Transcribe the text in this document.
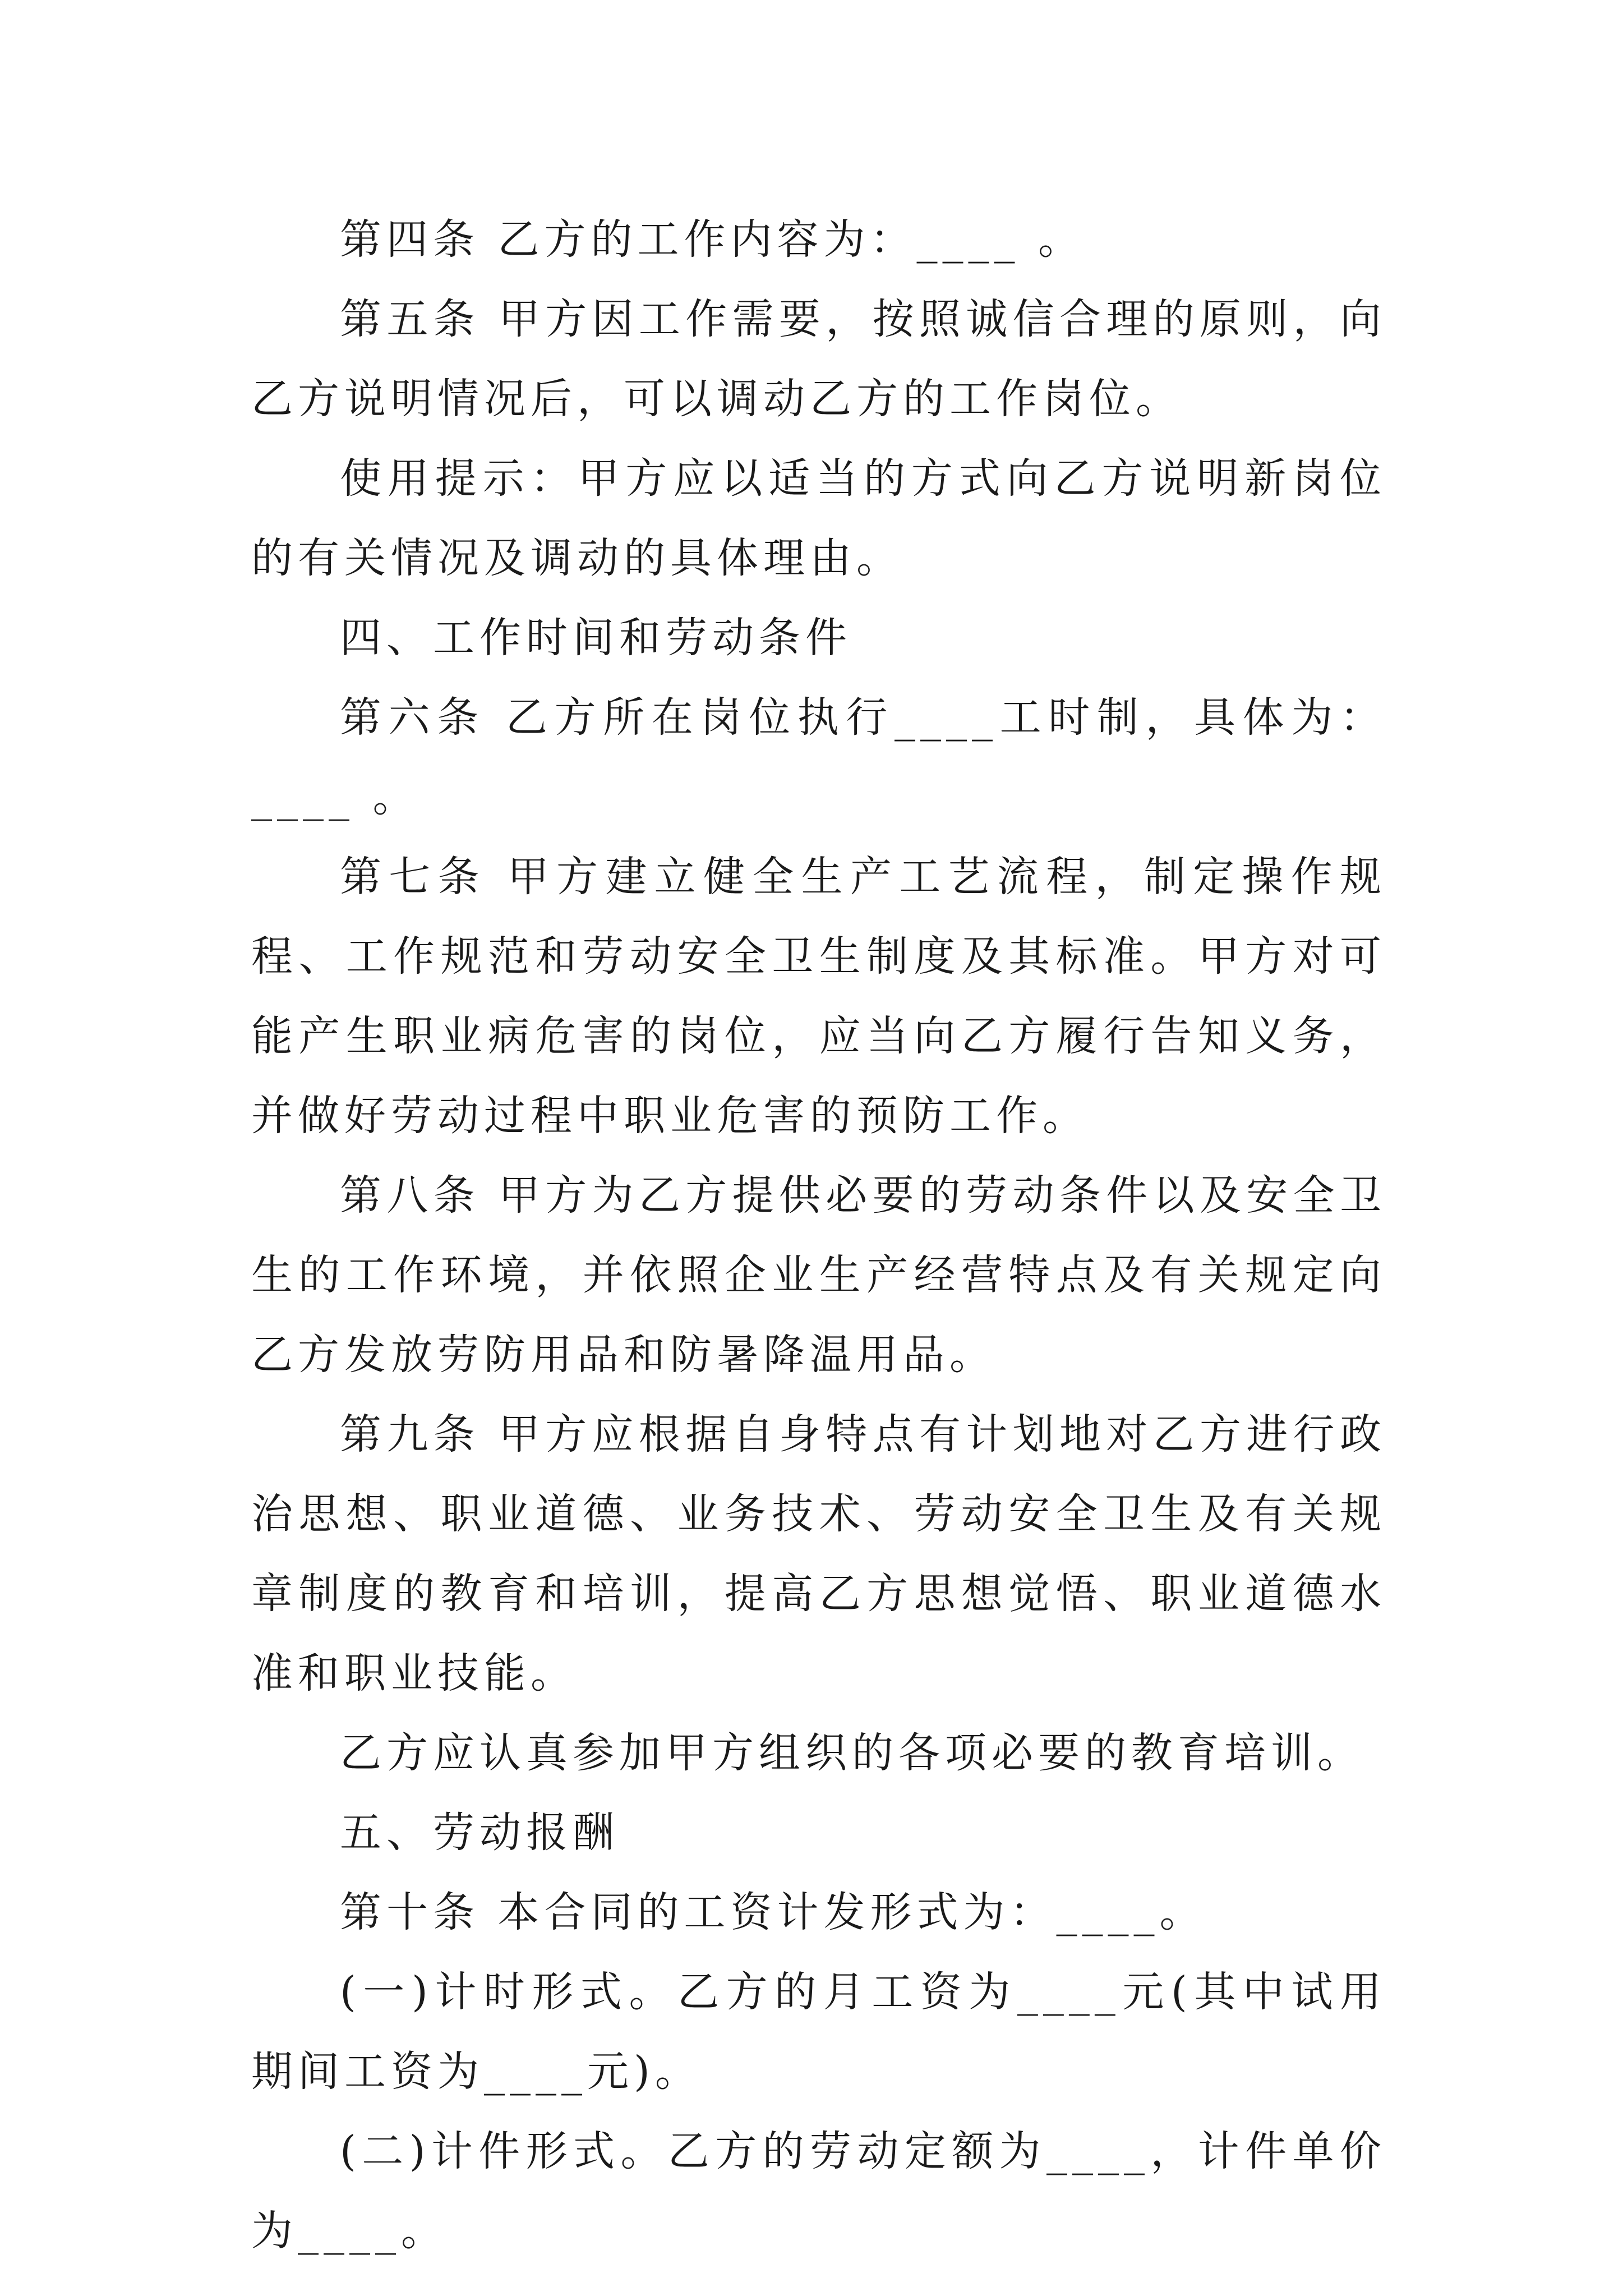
第四条 乙方的工作内容为：____ 。

第五条 甲方因工作需要，按照诚信合理的原则，向乙方说明情况后，可以调动乙方的工作岗位。

使用提示：甲方应以适当的方式向乙方说明新岗位的有关情况及调动的具体理由。

四、工作时间和劳动条件

第六条 乙方所在岗位执行____工时制，具体为：____ 。

第七条 甲方建立健全生产工艺流程，制定操作规程、工作规范和劳动安全卫生制度及其标准。甲方对可能产生职业病危害的岗位，应当向乙方履行告知义务，并做好劳动过程中职业危害的预防工作。

第八条 甲方为乙方提供必要的劳动条件以及安全卫生的工作环境，并依照企业生产经营特点及有关规定向乙方发放劳防用品和防暑降温用品。

第九条 甲方应根据自身特点有计划地对乙方进行政治思想、职业道德、业务技术、劳动安全卫生及有关规章制度的教育和培训，提高乙方思想觉悟、职业道德水准和职业技能。

乙方应认真参加甲方组织的各项必要的教育培训。

五、劳动报酬

第十条 本合同的工资计发形式为：____。

(一)计时形式。乙方的月工资为____元(其中试用期间工资为____元)。

(二)计件形式。乙方的劳动定额为____，计件单价为____。
